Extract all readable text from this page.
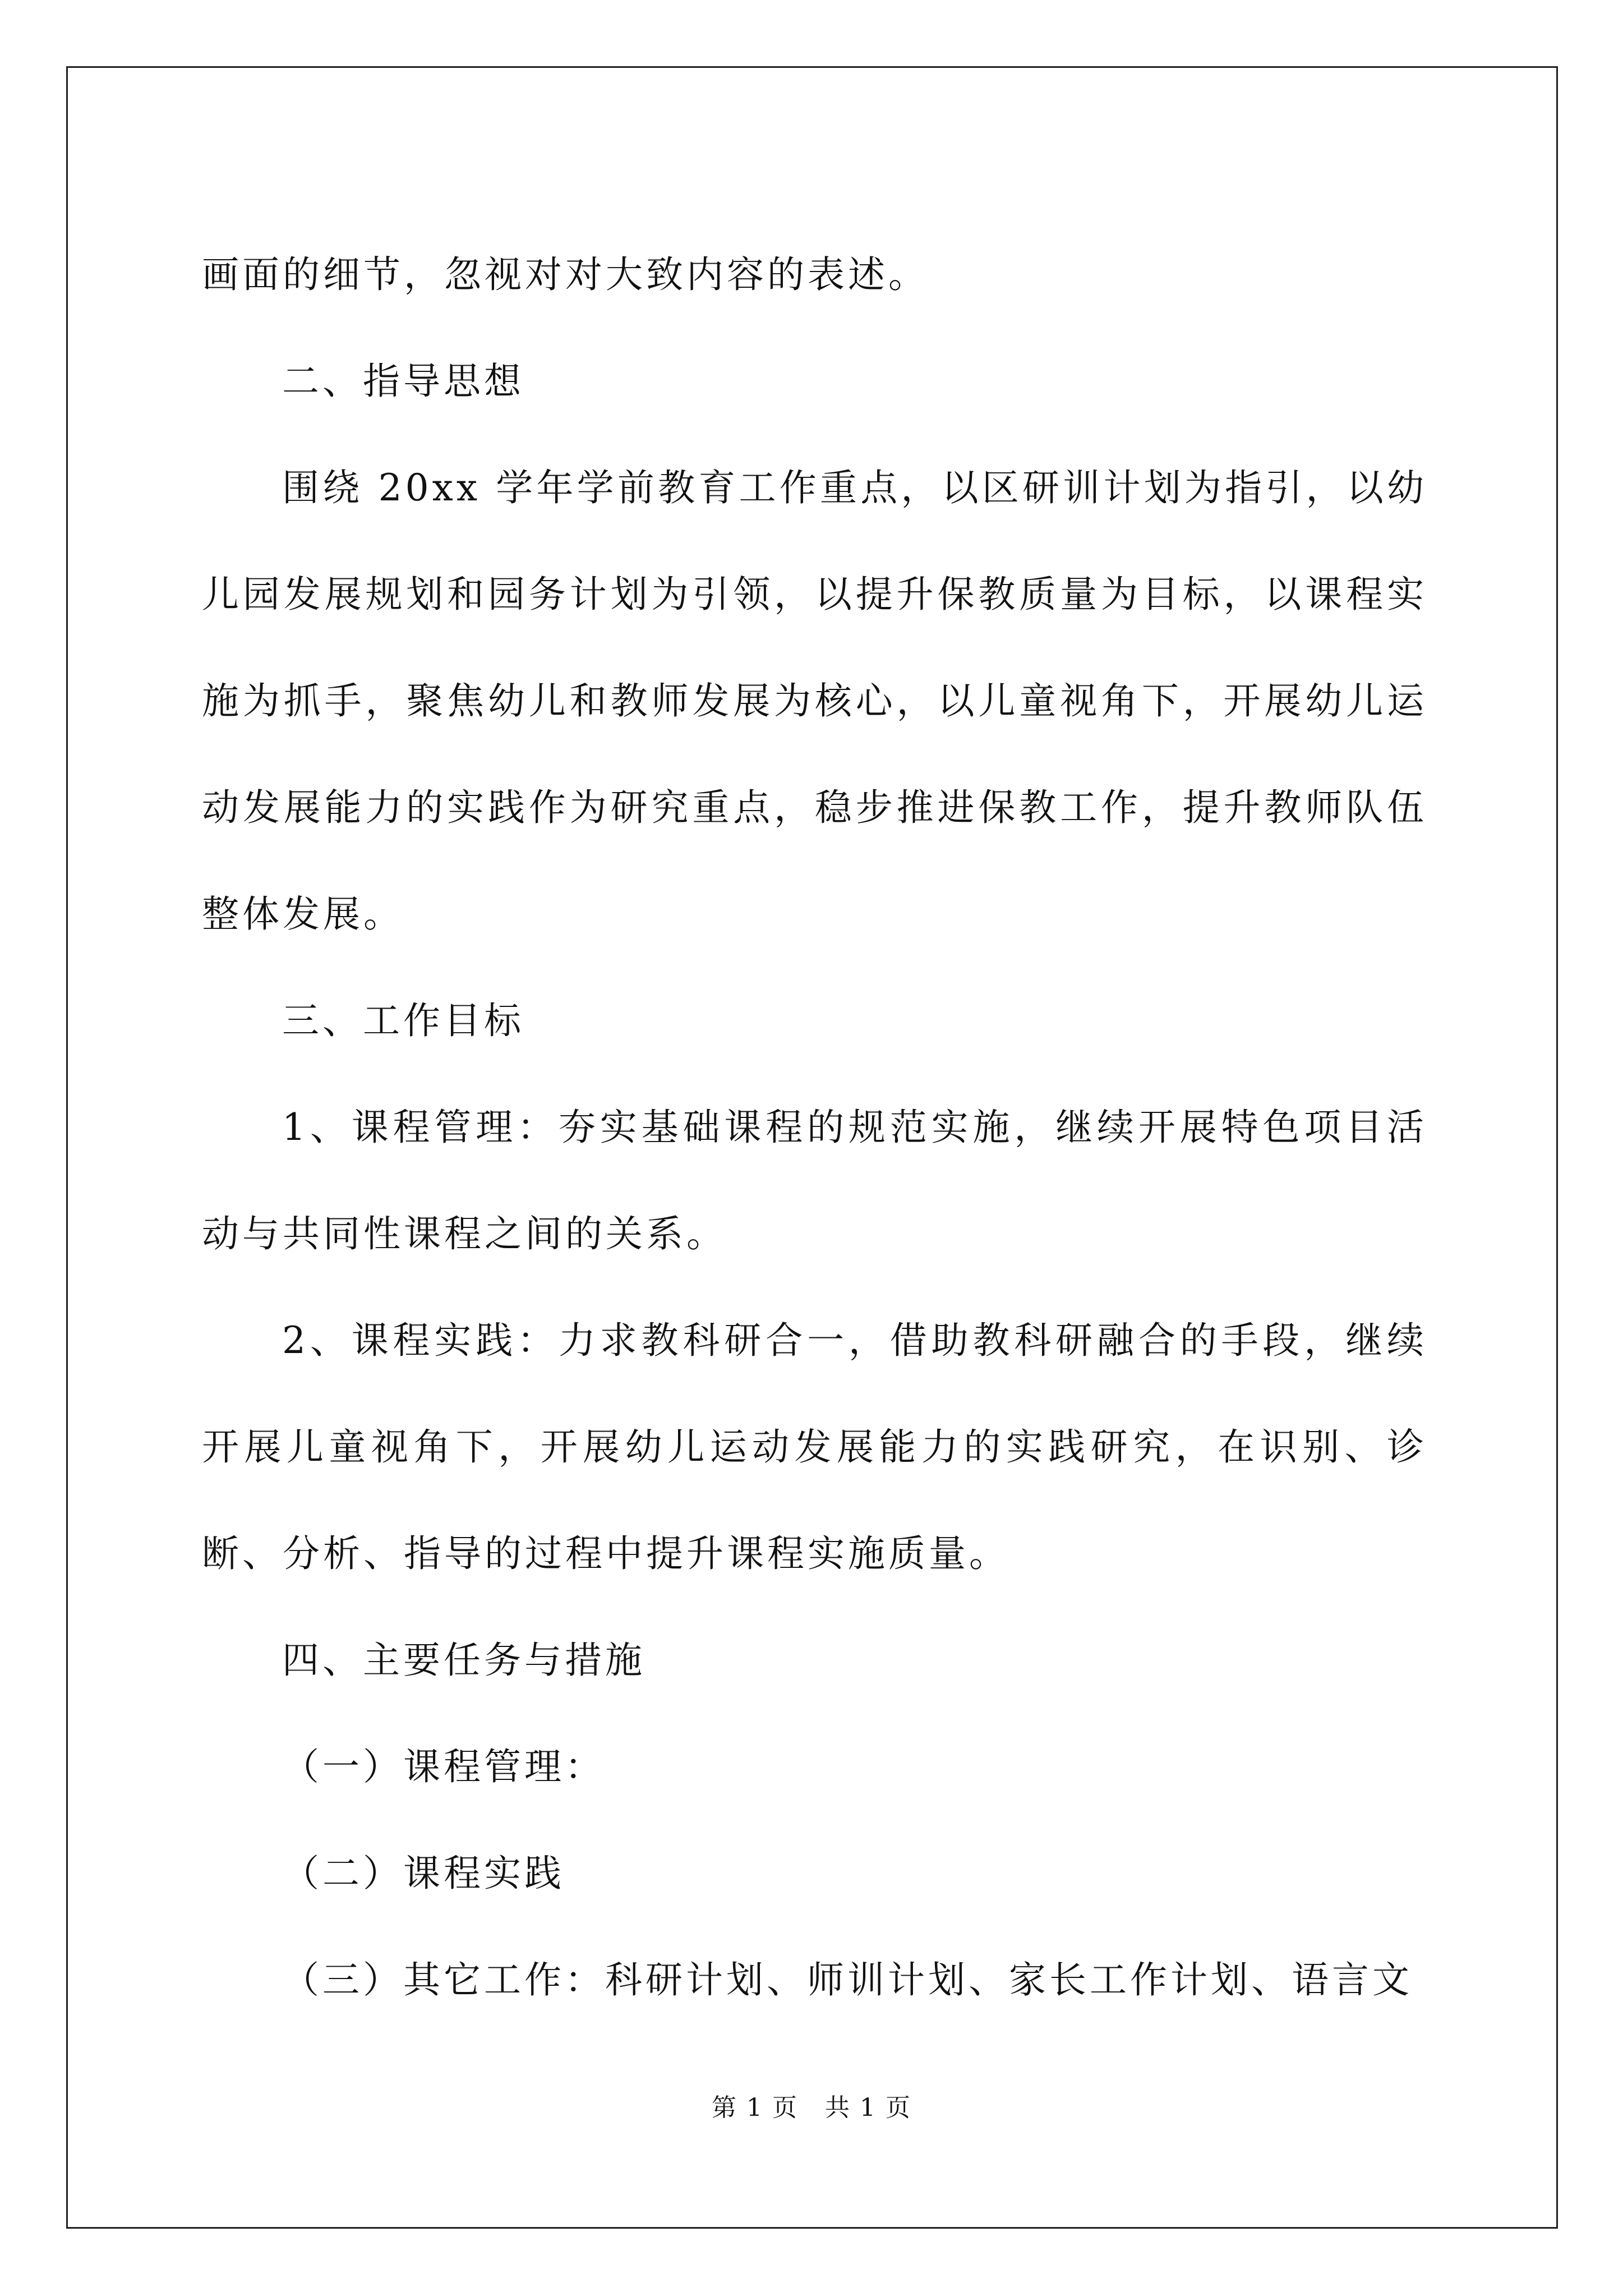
画面的细节，忽视对对大致内容的表述。

二、指导思想

围绕 20xx 学年学前教育工作重点，以区研训计划为指引，以幼儿园发展规划和园务计划为引领，以提升保教质量为目标，以课程实施为抓手，聚焦幼儿和教师发展为核心，以儿童视角下，开展幼儿运动发展能力的实践作为研究重点，稳步推进保教工作，提升教师队伍整体发展。

三、工作目标

1、课程管理：夯实基础课程的规范实施，继续开展特色项目活动与共同性课程之间的关系。

2、课程实践：力求教科研合一，借助教科研融合的手段，继续开展儿童视角下，开展幼儿运动发展能力的实践研究，在识别、诊断、分析、指导的过程中提升课程实施质量。

四、主要任务与措施

（一）课程管理：

（二）课程实践

（三）其它工作：科研计划、师训计划、家长工作计划、语言文

第 1 页 共 1 页
